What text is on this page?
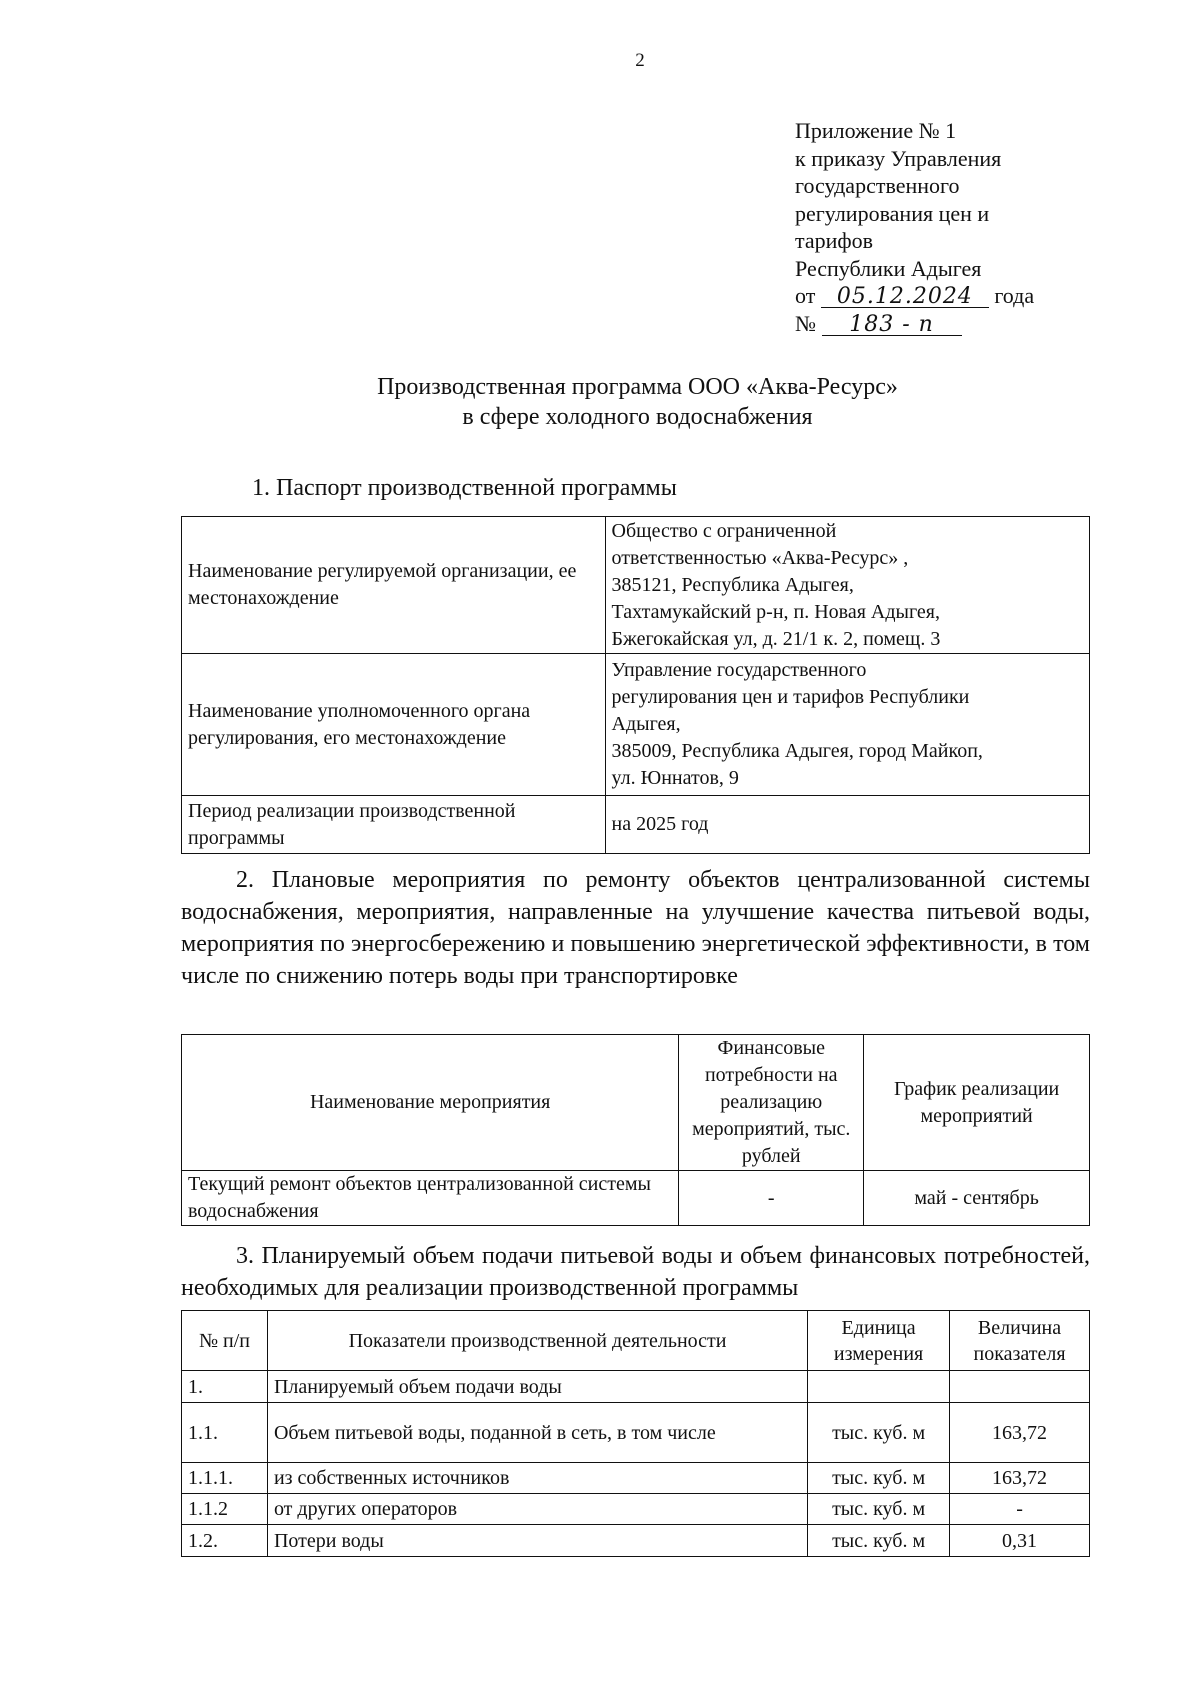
2
Приложение № 1
к приказу Управления
государственного
регулирования цен и
тарифов
Республики Адыгея
от 05.12.2024 года
№ 183 - п
Производственная программа ООО «Аква-Ресурс»
в сфере холодного водоснабжения
1. Паспорт производственной программы
Наименование регулируемой организации, ее местонахождение	Общество с ограниченной
ответственностью «Аква-Ресурс» ,
385121, Республика Адыгея,
Тахтамукайский р-н, п. Новая Адыгея,
Бжегокайская ул, д. 21/1 к. 2, помещ. 3

Наименование уполномоченного органа регулирования, его местонахождение	Управление государственного
регулирования цен и тарифов Республики
Адыгея,
385009, Республика Адыгея, город Майкоп,
ул. Юннатов, 9

Период реализации производственной программы	на 2025 год
2. Плановые мероприятия по ремонту объектов централизованной системы водоснабжения, мероприятия, направленные на улучшение качества питьевой воды, мероприятия по энергосбережению и повышению энергетической эффективности, в том числе по снижению потерь воды при транспортировке
Наименование мероприятия	Финансовые потребности на реализацию мероприятий, тыс. рублей	График реализации мероприятий
Текущий ремонт объектов централизованной системы водоснабжения	-	май - сентябрь
3. Планируемый объем подачи питьевой воды и объем финансовых потребностей, необходимых для реализации производственной программы
№ п/п	Показатели производственной деятельности	Единица измерения	Величина показателя
1.	Планируемый объем подачи воды		
1.1.	Объем питьевой воды, поданной в сеть, в том числе	тыс. куб. м	163,72
1.1.1.	из собственных источников	тыс. куб. м	163,72
1.1.2	от других операторов	тыс. куб. м	-
1.2.	Потери воды	тыс. куб. м	0,31
